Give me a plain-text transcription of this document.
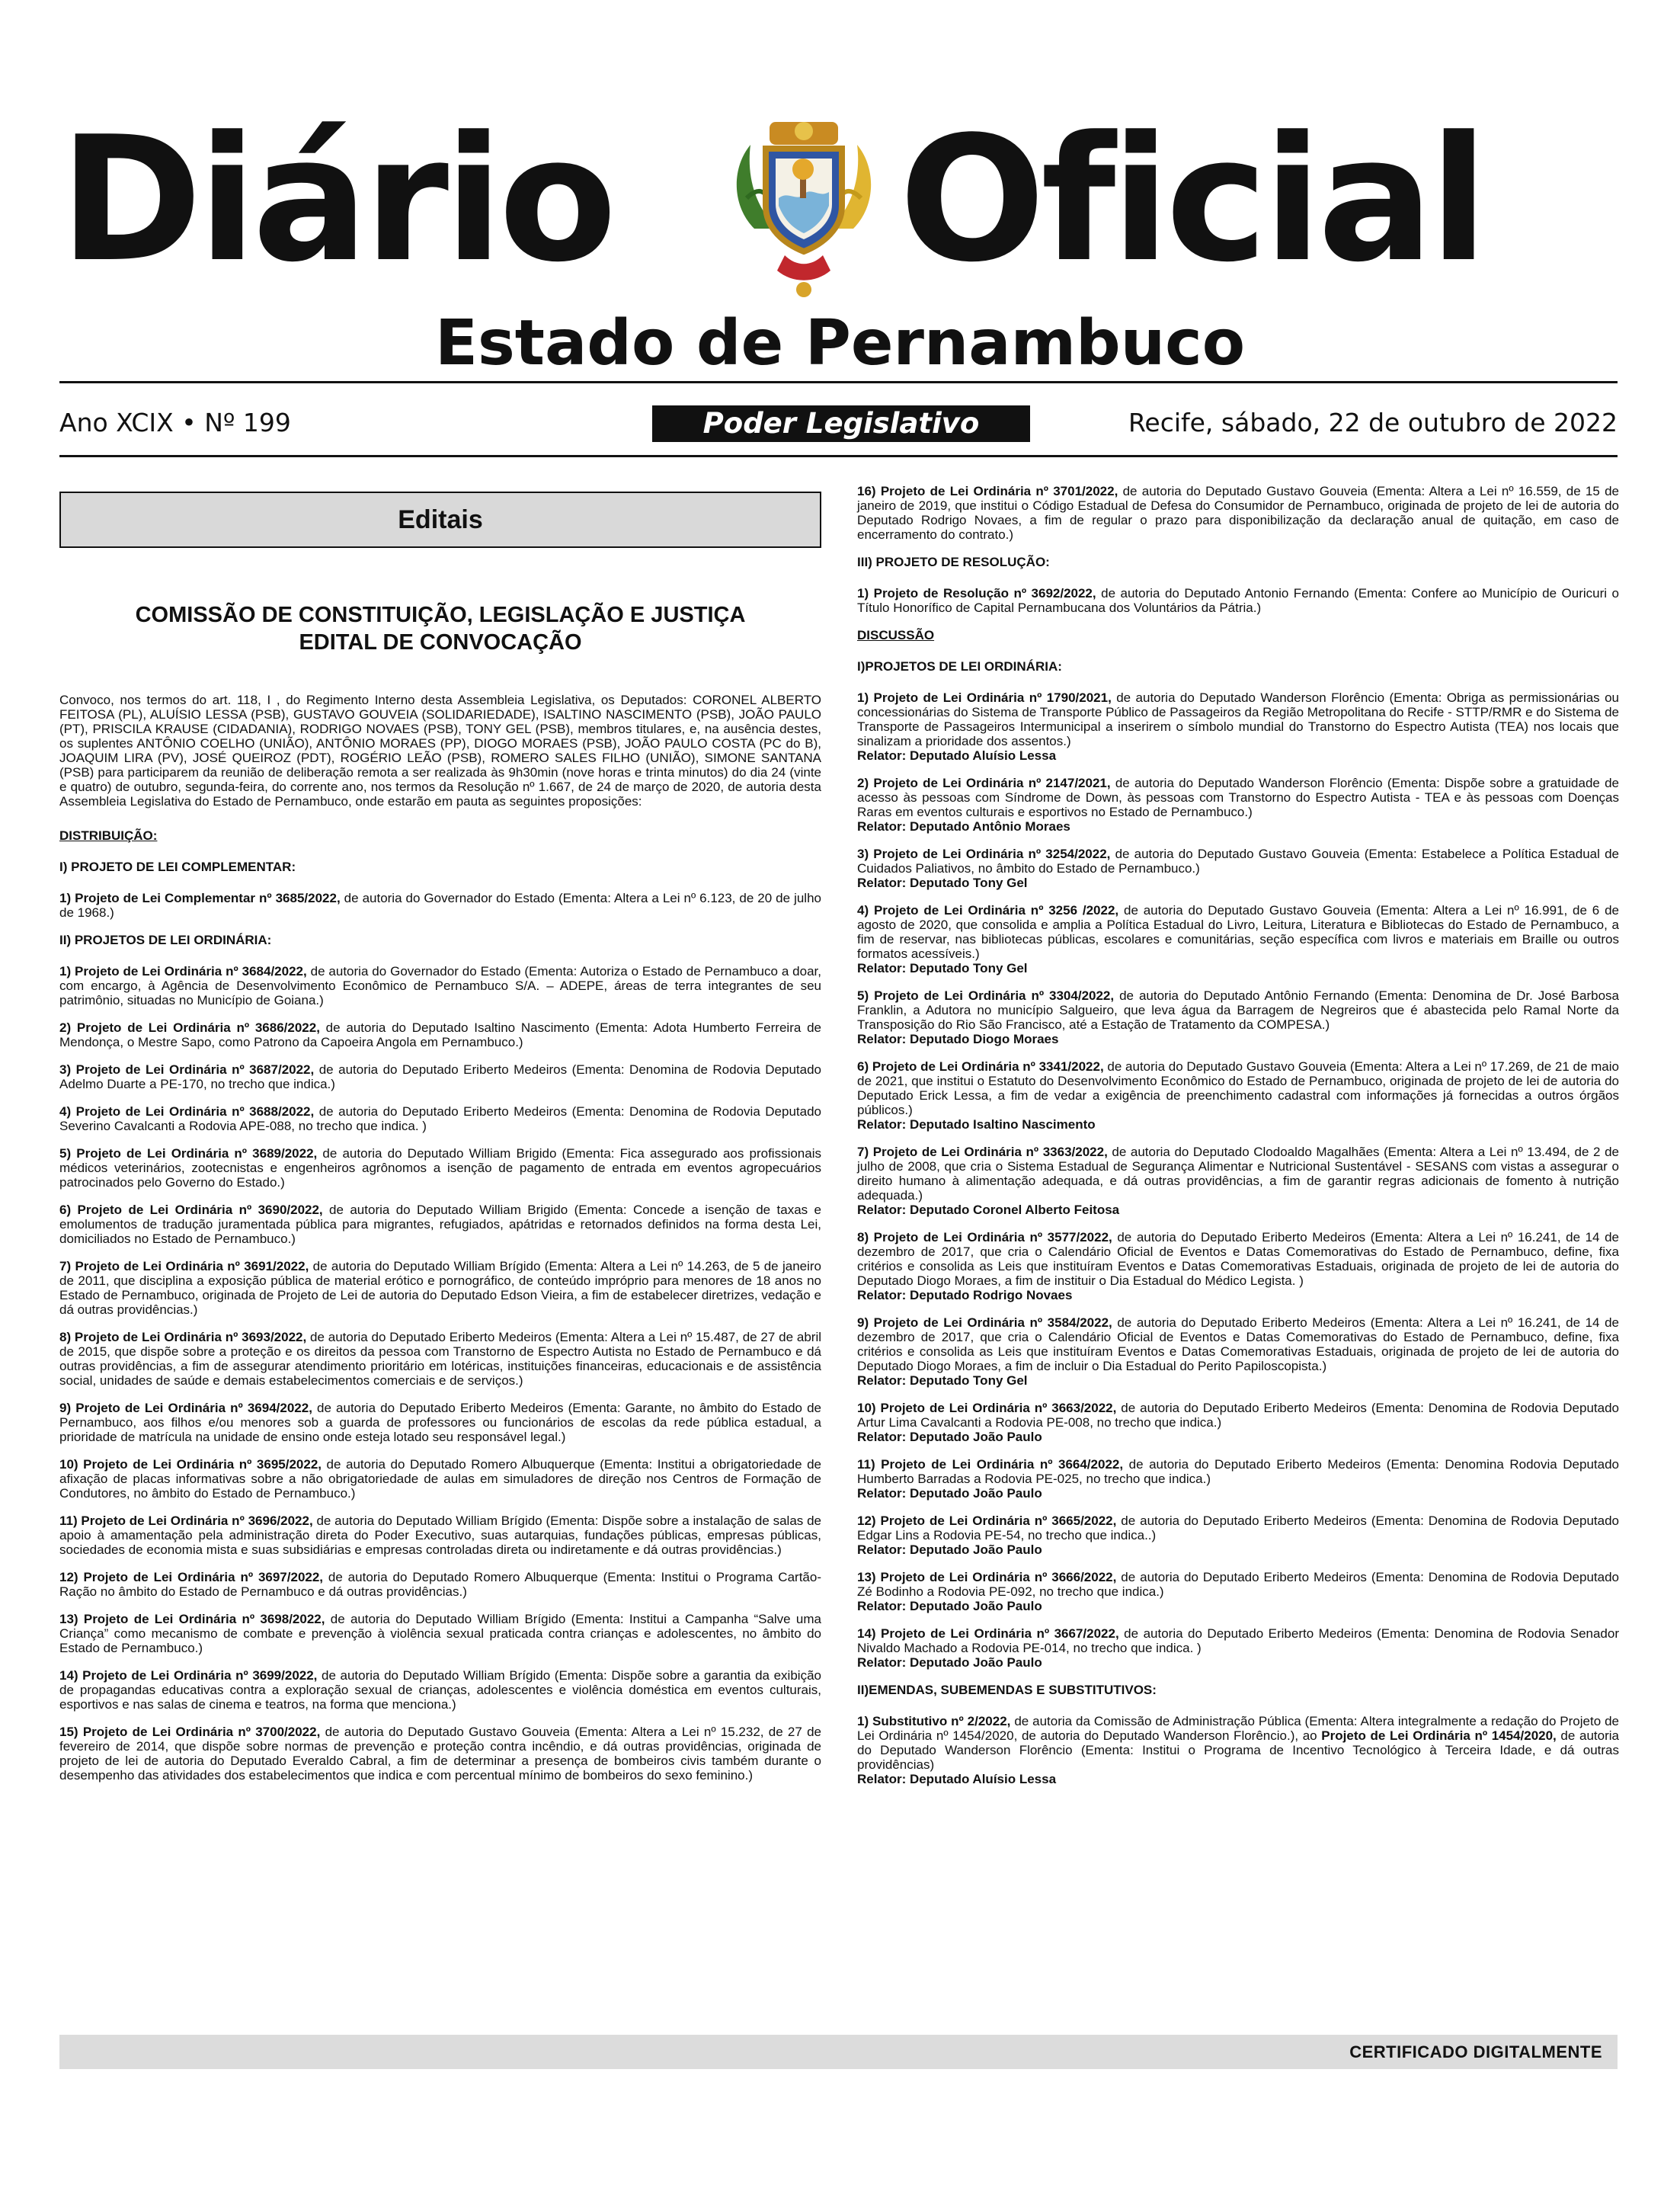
Diário Oficial
Estado de Pernambuco
Ano XCIX • Nº 199	Poder Legislativo	Recife, sábado, 22 de outubro de 2022
Editais
COMISSÃO DE CONSTITUIÇÃO, LEGISLAÇÃO E JUSTIÇA
EDITAL DE CONVOCAÇÃO

Convoco, nos termos do art. 118, I , do Regimento Interno desta Assembleia Legislativa, os Deputados: CORONEL ALBERTO FEITOSA (PL), ALUÍSIO LESSA (PSB), GUSTAVO GOUVEIA (SOLIDARIEDADE), ISALTINO NASCIMENTO (PSB), JOÃO PAULO (PT), PRISCILA KRAUSE (CIDADANIA), RODRIGO NOVAES (PSB), TONY GEL (PSB), membros titulares, e, na ausência destes, os suplentes ANTÔNIO COELHO (UNIÃO), ANTÔNIO MORAES (PP), DIOGO MORAES (PSB), JOÃO PAULO COSTA (PC do B), JOAQUIM LIRA (PV), JOSÉ QUEIROZ (PDT), ROGÉRIO LEÃO (PSB), ROMERO SALES FILHO (UNIÃO), SIMONE SANTANA (PSB) para participarem da reunião de deliberação remota a ser realizada às 9h30min (nove horas e trinta minutos) do dia 24 (vinte e quatro) de outubro, segunda-feira, do corrente ano, nos termos da Resolução nº 1.667, de 24 de março de 2020, de autoria desta Assembleia Legislativa do Estado de Pernambuco, onde estarão em pauta as seguintes proposições:

DISTRIBUIÇÃO:

I) PROJETO DE LEI COMPLEMENTAR:

1) Projeto de Lei Complementar nº 3685/2022, de autoria do Governador do Estado (Ementa: Altera a Lei nº 6.123, de 20 de julho de 1968.)

II) PROJETOS DE LEI ORDINÁRIA:

1) Projeto de Lei Ordinária nº 3684/2022, de autoria do Governador do Estado (Ementa: Autoriza o Estado de Pernambuco a doar, com encargo, à Agência de Desenvolvimento Econômico de Pernambuco S/A. – ADEPE, áreas de terra integrantes de seu patrimônio, situadas no Município de Goiana.)

2) Projeto de Lei Ordinária nº 3686/2022, de autoria do Deputado Isaltino Nascimento (Ementa: Adota Humberto Ferreira de Mendonça, o Mestre Sapo, como Patrono da Capoeira Angola em Pernambuco.)

3) Projeto de Lei Ordinária nº 3687/2022, de autoria do Deputado Eriberto Medeiros (Ementa: Denomina de Rodovia Deputado Adelmo Duarte a PE-170, no trecho que indica.)

4) Projeto de Lei Ordinária nº 3688/2022, de autoria do Deputado Eriberto Medeiros (Ementa: Denomina de Rodovia Deputado Severino Cavalcanti a Rodovia APE-088, no trecho que indica. )

5) Projeto de Lei Ordinária nº 3689/2022, de autoria do Deputado William Brigido (Ementa: Fica assegurado aos profissionais médicos veterinários, zootecnistas e engenheiros agrônomos a isenção de pagamento de entrada em eventos agropecuários patrocinados pelo Governo do Estado.)

6) Projeto de Lei Ordinária nº 3690/2022, de autoria do Deputado William Brigido (Ementa: Concede a isenção de taxas e emolumentos de tradução juramentada pública para migrantes, refugiados, apátridas e retornados definidos na forma desta Lei, domiciliados no Estado de Pernambuco.)

7) Projeto de Lei Ordinária nº 3691/2022, de autoria do Deputado William Brígido (Ementa: Altera a Lei nº 14.263, de 5 de janeiro de 2011, que disciplina a exposição pública de material erótico e pornográfico, de conteúdo impróprio para menores de 18 anos no Estado de Pernambuco, originada de Projeto de Lei de autoria do Deputado Edson Vieira, a fim de estabelecer diretrizes, vedação e dá outras providências.)

8) Projeto de Lei Ordinária nº 3693/2022, de autoria do Deputado Eriberto Medeiros (Ementa: Altera a Lei nº 15.487, de 27 de abril de 2015, que dispõe sobre a proteção e os direitos da pessoa com Transtorno de Espectro Autista no Estado de Pernambuco e dá outras providências, a fim de assegurar atendimento prioritário em lotéricas, instituições financeiras, educacionais e de assistência social, unidades de saúde e demais estabelecimentos comerciais e de serviços.)

9) Projeto de Lei Ordinária nº 3694/2022, de autoria do Deputado Eriberto Medeiros (Ementa: Garante, no âmbito do Estado de Pernambuco, aos filhos e/ou menores sob a guarda de professores ou funcionários de escolas da rede pública estadual, a prioridade de matrícula na unidade de ensino onde esteja lotado seu responsável legal.)

10) Projeto de Lei Ordinária nº 3695/2022, de autoria do Deputado Romero Albuquerque (Ementa: Institui a obrigatoriedade de afixação de placas informativas sobre a não obrigatoriedade de aulas em simuladores de direção nos Centros de Formação de Condutores, no âmbito do Estado de Pernambuco.)

11) Projeto de Lei Ordinária nº 3696/2022, de autoria do Deputado William Brígido (Ementa: Dispõe sobre a instalação de salas de apoio à amamentação pela administração direta do Poder Executivo, suas autarquias, fundações públicas, empresas públicas, sociedades de economia mista e suas subsidiárias e empresas controladas direta ou indiretamente e dá outras providências.)

12) Projeto de Lei Ordinária nº 3697/2022, de autoria do Deputado Romero Albuquerque (Ementa: Institui o Programa Cartão-Ração no âmbito do Estado de Pernambuco e dá outras providências.)

13) Projeto de Lei Ordinária nº 3698/2022, de autoria do Deputado William Brígido (Ementa: Institui a Campanha “Salve uma Criança” como mecanismo de combate e prevenção à violência sexual praticada contra crianças e adolescentes, no âmbito do Estado de Pernambuco.)

14) Projeto de Lei Ordinária nº 3699/2022, de autoria do Deputado William Brígido (Ementa: Dispõe sobre a garantia da exibição de propagandas educativas contra a exploração sexual de crianças, adolescentes e violência doméstica em eventos culturais, esportivos e nas salas de cinema e teatros, na forma que menciona.)

15) Projeto de Lei Ordinária nº 3700/2022, de autoria do Deputado Gustavo Gouveia (Ementa: Altera a Lei nº 15.232, de 27 de fevereiro de 2014, que dispõe sobre normas de prevenção e proteção contra incêndio, e dá outras providências, originada de projeto de lei de autoria do Deputado Everaldo Cabral, a fim de determinar a presença de bombeiros civis também durante o desempenho das atividades dos estabelecimentos que indica e com percentual mínimo de bombeiros do sexo feminino.)

16) Projeto de Lei Ordinária nº 3701/2022, de autoria do Deputado Gustavo Gouveia (Ementa: Altera a Lei nº 16.559, de 15 de janeiro de 2019, que institui o Código Estadual de Defesa do Consumidor de Pernambuco, originada de projeto de lei de autoria do Deputado Rodrigo Novaes, a fim de regular o prazo para disponibilização da declaração anual de quitação, em caso de encerramento do contrato.)

III) PROJETO DE RESOLUÇÃO:

1) Projeto de Resolução nº 3692/2022, de autoria do Deputado Antonio Fernando (Ementa: Confere ao Município de Ouricuri o Título Honorífico de Capital Pernambucana dos Voluntários da Pátria.)

DISCUSSÃO

I)PROJETOS DE LEI ORDINÁRIA:

1) Projeto de Lei Ordinária nº 1790/2021, de autoria do Deputado Wanderson Florêncio (Ementa: Obriga as permissionárias ou concessionárias do Sistema de Transporte Público de Passageiros da Região Metropolitana do Recife - STTP/RMR e do Sistema de Transporte de Passageiros Intermunicipal a inserirem o símbolo mundial do Transtorno do Espectro Autista (TEA) nos locais que sinalizam a prioridade dos assentos.)
Relator: Deputado Aluísio Lessa

2) Projeto de Lei Ordinária nº 2147/2021, de autoria do Deputado Wanderson Florêncio (Ementa: Dispõe sobre a gratuidade de acesso às pessoas com Síndrome de Down, às pessoas com Transtorno do Espectro Autista - TEA e às pessoas com Doenças Raras em eventos culturais e esportivos no Estado de Pernambuco.)
Relator: Deputado Antônio Moraes

3) Projeto de Lei Ordinária nº 3254/2022, de autoria do Deputado Gustavo Gouveia (Ementa: Estabelece a Política Estadual de Cuidados Paliativos, no âmbito do Estado de Pernambuco.)
Relator: Deputado Tony Gel

4) Projeto de Lei Ordinária nº 3256 /2022, de autoria do Deputado Gustavo Gouveia (Ementa: Altera a Lei nº 16.991, de 6 de agosto de 2020, que consolida e amplia a Política Estadual do Livro, Leitura, Literatura e Bibliotecas do Estado de Pernambuco, a fim de reservar, nas bibliotecas públicas, escolares e comunitárias, seção específica com livros e materiais em Braille ou outros formatos acessíveis.)
Relator: Deputado Tony Gel

5) Projeto de Lei Ordinária nº 3304/2022, de autoria do Deputado Antônio Fernando (Ementa: Denomina de Dr. José Barbosa Franklin, a Adutora no município Salgueiro, que leva água da Barragem de Negreiros que é abastecida pelo Ramal Norte da Transposição do Rio São Francisco, até a Estação de Tratamento da COMPESA.)
Relator: Deputado Diogo Moraes

6) Projeto de Lei Ordinária nº 3341/2022, de autoria do Deputado Gustavo Gouveia (Ementa: Altera a Lei nº 17.269, de 21 de maio de 2021, que institui o Estatuto do Desenvolvimento Econômico do Estado de Pernambuco, originada de projeto de lei de autoria do Deputado Erick Lessa, a fim de vedar a exigência de preenchimento cadastral com informações já fornecidas a outros órgãos públicos.)
Relator: Deputado Isaltino Nascimento

7) Projeto de Lei Ordinária nº 3363/2022, de autoria do Deputado Clodoaldo Magalhães (Ementa: Altera a Lei nº 13.494, de 2 de julho de 2008, que cria o Sistema Estadual de Segurança Alimentar e Nutricional Sustentável - SESANS com vistas a assegurar o direito humano à alimentação adequada, e dá outras providências, a fim de garantir regras adicionais de fomento à nutrição adequada.)
Relator: Deputado Coronel Alberto Feitosa

8) Projeto de Lei Ordinária nº 3577/2022, de autoria do Deputado Eriberto Medeiros (Ementa: Altera a Lei nº 16.241, de 14 de dezembro de 2017, que cria o Calendário Oficial de Eventos e Datas Comemorativas do Estado de Pernambuco, define, fixa critérios e consolida as Leis que instituíram Eventos e Datas Comemorativas Estaduais, originada de projeto de lei de autoria do Deputado Diogo Moraes, a fim de instituir o Dia Estadual do Médico Legista. )
Relator: Deputado Rodrigo Novaes

9) Projeto de Lei Ordinária nº 3584/2022, de autoria do Deputado Eriberto Medeiros (Ementa: Altera a Lei nº 16.241, de 14 de dezembro de 2017, que cria o Calendário Oficial de Eventos e Datas Comemorativas do Estado de Pernambuco, define, fixa critérios e consolida as Leis que instituíram Eventos e Datas Comemorativas Estaduais, originada de projeto de lei de autoria do Deputado Diogo Moraes, a fim de incluir o Dia Estadual do Perito Papiloscopista.)
Relator: Deputado Tony Gel

10) Projeto de Lei Ordinária nº 3663/2022, de autoria do Deputado Eriberto Medeiros (Ementa: Denomina de Rodovia Deputado Artur Lima Cavalcanti a Rodovia PE-008, no trecho que indica.)
Relator: Deputado João Paulo

11) Projeto de Lei Ordinária nº 3664/2022, de autoria do Deputado Eriberto Medeiros (Ementa: Denomina Rodovia Deputado Humberto Barradas a Rodovia PE-025, no trecho que indica.)
Relator: Deputado João Paulo

12) Projeto de Lei Ordinária nº 3665/2022, de autoria do Deputado Eriberto Medeiros (Ementa: Denomina de Rodovia Deputado Edgar Lins a Rodovia PE-54, no trecho que indica..)
Relator: Deputado João Paulo

13) Projeto de Lei Ordinária nº 3666/2022, de autoria do Deputado Eriberto Medeiros (Ementa: Denomina de Rodovia Deputado Zé Bodinho a Rodovia PE-092, no trecho que indica.)
Relator: Deputado João Paulo

14) Projeto de Lei Ordinária nº 3667/2022, de autoria do Deputado Eriberto Medeiros (Ementa: Denomina de Rodovia Senador Nivaldo Machado a Rodovia PE-014, no trecho que indica. )
Relator: Deputado João Paulo

II)EMENDAS, SUBEMENDAS E SUBSTITUTIVOS:

1) Substitutivo nº 2/2022, de autoria da Comissão de Administração Pública (Ementa: Altera integralmente a redação do Projeto de Lei Ordinária nº 1454/2020, de autoria do Deputado Wanderson Florêncio.), ao Projeto de Lei Ordinária nº 1454/2020, de autoria do Deputado Wanderson Florêncio (Ementa: Institui o Programa de Incentivo Tecnológico à Terceira Idade, e dá outras providências)
Relator: Deputado Aluísio Lessa

CERTIFICADO DIGITALMENTE
